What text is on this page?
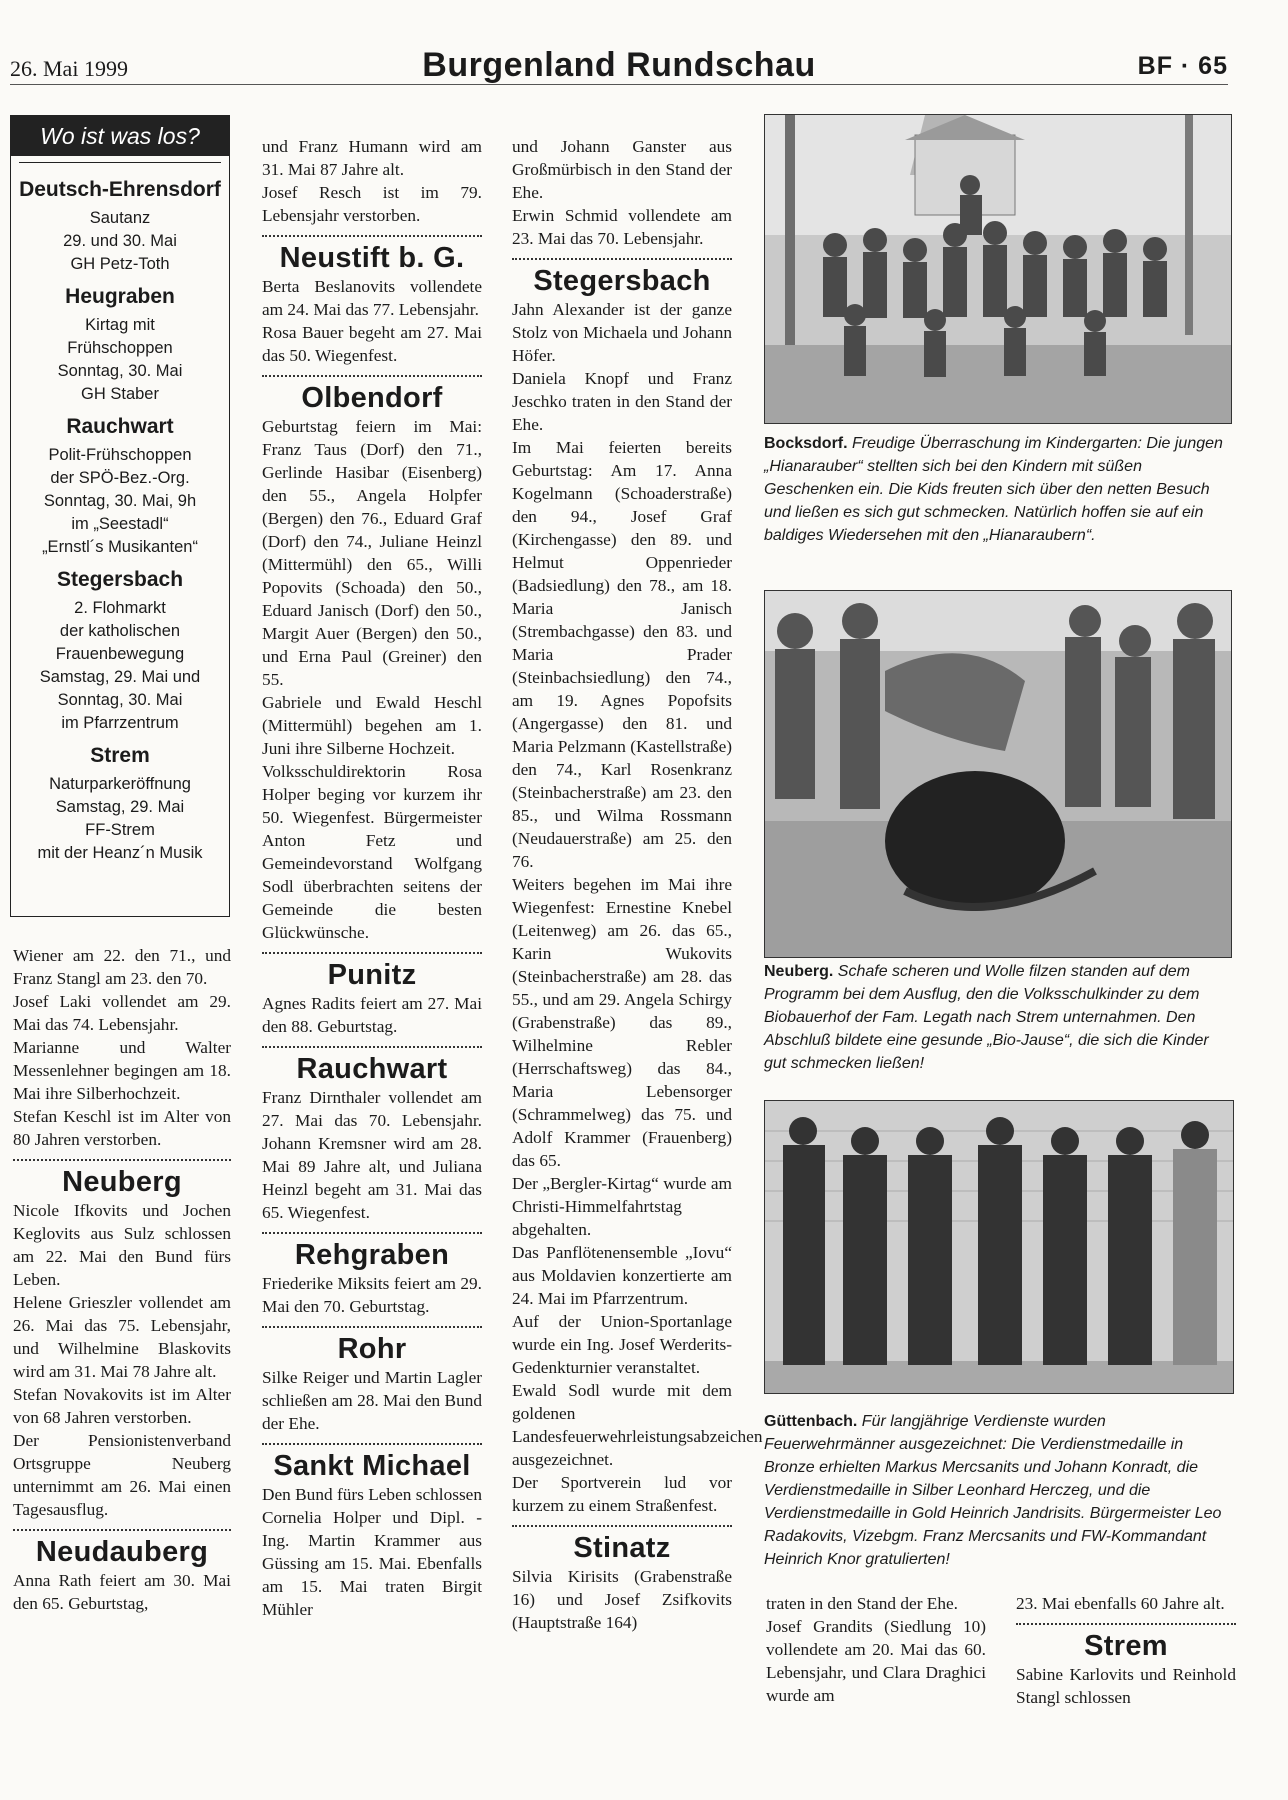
26. Mai 1999	Burgenland Rundschau	BF · 65
Wo ist was los?
Deutsch-Ehrensdorf

Sautanz

29. und 30. Mai

GH Petz-Toth

Heugraben

Kirtag mit

Frühschoppen

Sonntag, 30. Mai

GH Staber

Rauchwart

Polit-Frühschoppen

der SPÖ-Bez.-Org.

Sonntag, 30. Mai, 9h

im „Seestadl“

„Ernstl´s Musikanten“

Stegersbach

2. Flohmarkt

der katholischen

Frauenbewegung

Samstag, 29. Mai und

Sonntag, 30. Mai

im Pfarrzentrum

Strem

Naturparkeröffnung

Samstag, 29. Mai

FF-Strem

mit der Heanz´n Musik

Wiener am 22. den 71., und Franz Stangl am 23. den 70.

Josef Laki vollendet am 29. Mai das 74. Lebensjahr.

Marianne und Walter Messenlehner begingen am 18. Mai ihre Silberhochzeit.

Stefan Keschl ist im Alter von 80 Jahren verstorben.

Neuberg

Nicole Ifkovits und Jochen Keglovits aus Sulz schlossen am 22. Mai den Bund fürs Leben.

Helene Grieszler vollendet am 26. Mai das 75. Lebensjahr, und Wilhelmine Blaskovits wird am 31. Mai 78 Jahre alt.

Stefan Novakovits ist im Alter von 68 Jahren verstorben.

Der Pensionistenverband Ortsgruppe Neuberg unternimmt am 26. Mai einen Tagesausflug.

Neudauberg

Anna Rath feiert am 30. Mai den 65. Geburtstag,

und Franz Humann wird am 31. Mai 87 Jahre alt.

Josef Resch ist im 79. Lebensjahr verstorben.

Neustift b. G.

Berta Beslanovits vollendete am 24. Mai das 77. Lebensjahr.

Rosa Bauer begeht am 27. Mai das 50. Wiegenfest.

Olbendorf

Geburtstag feiern im Mai: Franz Taus (Dorf) den 71., Gerlinde Hasibar (Eisenberg) den 55., Angela Holpfer (Bergen) den 76., Eduard Graf (Dorf) den 74., Juliane Heinzl (Mittermühl) den 65., Willi Popovits (Schoada) den 50., Eduard Janisch (Dorf) den 50., Margit Auer (Bergen) den 50., und Erna Paul (Greiner) den 55.

Gabriele und Ewald Heschl (Mittermühl) begehen am 1. Juni ihre Silberne Hochzeit.

Volksschuldirektorin Rosa Holper beging vor kurzem ihr 50. Wiegenfest. Bürgermeister Anton Fetz und Gemeindevorstand Wolfgang Sodl überbrachten seitens der Gemeinde die besten Glückwünsche.

Punitz

Agnes Radits feiert am 27. Mai den 88. Geburtstag.

Rauchwart

Franz Dirnthaler vollendet am 27. Mai das 70. Lebensjahr. Johann Kremsner wird am 28. Mai 89 Jahre alt, und Juliana Heinzl begeht am 31. Mai das 65. Wiegenfest.

Rehgraben

Friederike Miksits feiert am 29. Mai den 70. Geburtstag.

Rohr

Silke Reiger und Martin Lagler schließen am 28. Mai den Bund der Ehe.

Sankt Michael

Den Bund fürs Leben schlossen Cornelia Holper und Dipl. - Ing. Martin Krammer aus Güssing am 15. Mai. Ebenfalls am 15. Mai traten Birgit Mühler

und Johann Ganster aus Großmürbisch in den Stand der Ehe.

Erwin Schmid vollendete am 23. Mai das 70. Lebensjahr.

Stegersbach

Jahn Alexander ist der ganze Stolz von Michaela und Johann Höfer.

Daniela Knopf und Franz Jeschko traten in den Stand der Ehe.

Im Mai feierten bereits Geburtstag: Am 17. Anna Kogelmann (Schoaderstraße) den 94., Josef Graf (Kirchengasse) den 89. und Helmut Oppenrieder (Badsiedlung) den 78., am 18. Maria Janisch (Strembachgasse) den 83. und Maria Prader (Steinbachsiedlung) den 74., am 19. Agnes Popofsits (Angergasse) den 81. und Maria Pelzmann (Kastellstraße) den 74., Karl Rosenkranz (Steinbacherstraße) am 23. den 85., und Wilma Rossmann (Neudauerstraße) am 25. den 76.

Weiters begehen im Mai ihre Wiegenfest: Ernestine Knebel (Leitenweg) am 26. das 65., Karin Wukovits (Steinbacherstraße) am 28. das 55., und am 29. Angela Schirgy (Grabenstraße) das 89., Wilhelmine Rebler (Herrschaftsweg) das 84., Maria Lebensorger (Schrammelweg) das 75. und Adolf Krammer (Frauenberg) das 65.

Der „Bergler-Kirtag“ wurde am Christi-Himmelfahrtstag abgehalten.

Das Panflötenensemble „Iovu“ aus Moldavien konzertierte am 24. Mai im Pfarrzentrum.

Auf der Union-Sportanlage wurde ein Ing. Josef Werderits-Gedenkturnier veranstaltet.

Ewald Sodl wurde mit dem goldenen Landesfeuerwehrleistungsabzeichen ausgezeichnet.

Der Sportverein lud vor kurzem zu einem Straßenfest.

Stinatz

Silvia Kirisits (Grabenstraße 16) und Josef Zsifkovits (Hauptstraße 164)

Bocksdorf. Freudige Überraschung im Kindergarten: Die jungen „Hianarauber“ stellten sich bei den Kindern mit süßen Geschenken ein. Die Kids freuten sich über den netten Besuch und ließen es sich gut schmecken. Natürlich hoffen sie auf ein baldiges Wiedersehen mit den „Hianaraubern“.
Neuberg. Schafe scheren und Wolle filzen standen auf dem Programm bei dem Ausflug, den die Volksschulkinder zu dem Biobauerhof der Fam. Legath nach Strem unternahmen. Den Abschluß bildete eine gesunde „Bio-Jause“, die sich die Kinder gut schmecken ließen!
Güttenbach. Für langjährige Verdienste wurden Feuerwehrmänner ausgezeichnet: Die Verdienstmedaille in Bronze erhielten Markus Mercsanits und Johann Konradt, die Verdienstmedaille in Silber Leonhard Herczeg, und die Verdienstmedaille in Gold Heinrich Jandrisits. Bürgermeister Leo Radakovits, Vizebgm. Franz Mercsanits und FW-Kommandant Heinrich Knor gratulierten!

traten in den Stand der Ehe.

Josef Grandits (Siedlung 10) vollendete am 20. Mai das 60. Lebensjahr, und Clara Draghici wurde am

23. Mai ebenfalls 60 Jahre alt.

Strem

Sabine Karlovits und Reinhold Stangl schlossen
